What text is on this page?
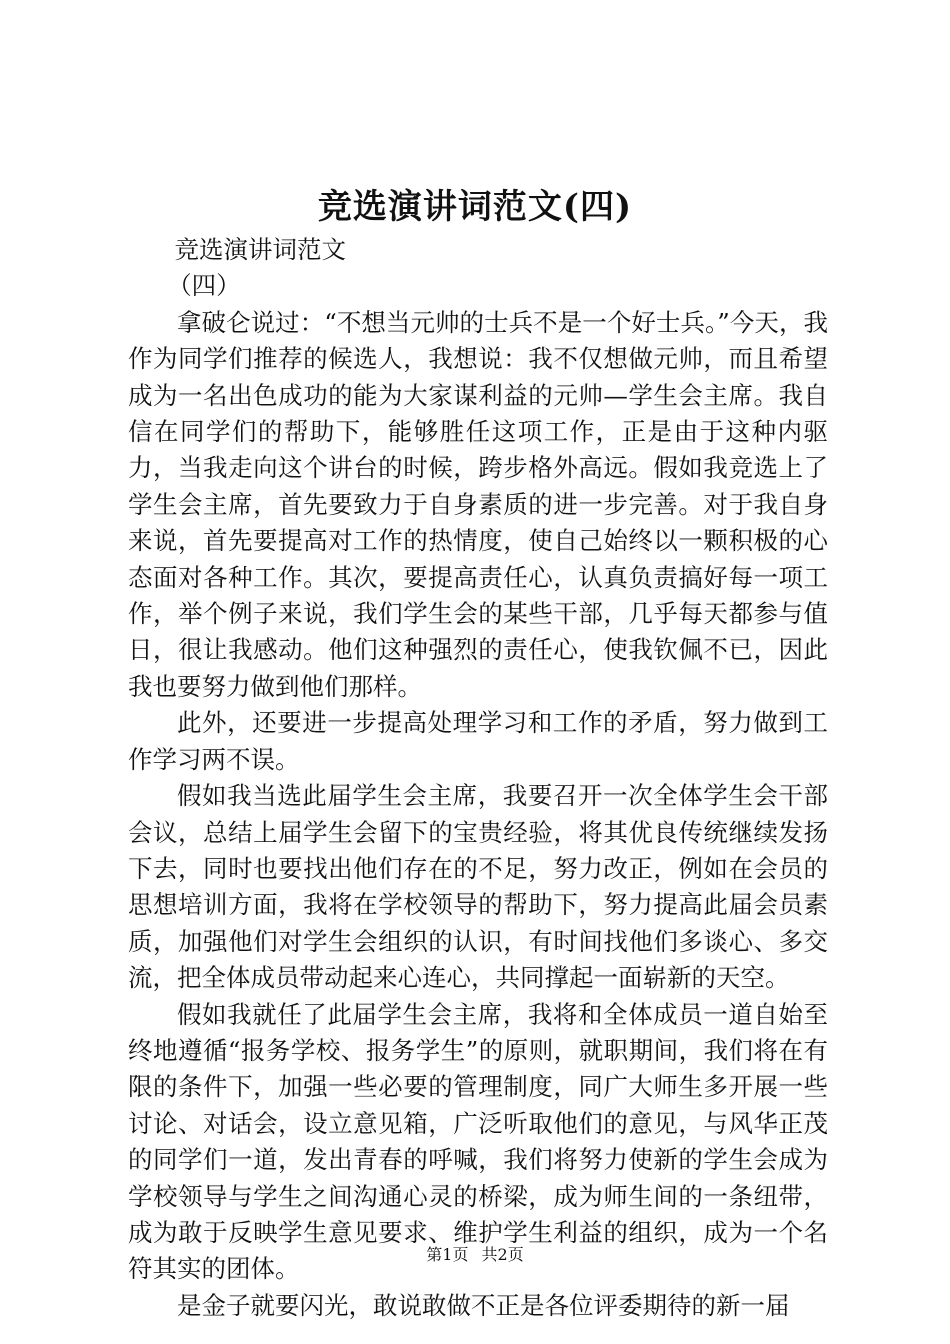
竞选演讲词范文(四)

竞选演讲词范文

（四）

拿破仑说过：“不想当元帅的士兵不是一个好士兵。”今天，我作为同学们推荐的候选人，我想说：我不仅想做元帅，而且希望成为一名出色成功的能为大家谋利益的元帅—学生会主席。我自信在同学们的帮助下，能够胜任这项工作，正是由于这种内驱力，当我走向这个讲台的时候，跨步格外高远。假如我竞选上了学生会主席，首先要致力于自身素质的进一步完善。对于我自身来说，首先要提高对工作的热情度，使自己始终以一颗积极的心态面对各种工作。其次，要提高责任心，认真负责搞好每一项工作，举个例子来说，我们学生会的某些干部，几乎每天都参与值日，很让我感动。他们这种强烈的责任心，使我钦佩不已，因此我也要努力做到他们那样。

此外，还要进一步提高处理学习和工作的矛盾，努力做到工作学习两不误。

假如我当选此届学生会主席，我要召开一次全体学生会干部会议，总结上届学生会留下的宝贵经验，将其优良传统继续发扬下去，同时也要找出他们存在的不足，努力改正，例如在会员的思想培训方面，我将在学校领导的帮助下，努力提高此届会员素质，加强他们对学生会组织的认识，有时间找他们多谈心、多交流，把全体成员带动起来心连心，共同撑起一面崭新的天空。

假如我就任了此届学生会主席，我将和全体成员一道自始至终地遵循“报务学校、报务学生”的原则，就职期间，我们将在有限的条件下，加强一些必要的管理制度，同广大师生多开展一些讨论、对话会，设立意见箱，广泛听取他们的意见，与风华正茂的同学们一道，发出青春的呼喊，我们将努力使新的学生会成为学校领导与学生之间沟通心灵的桥梁，成为师生间的一条纽带，成为敢于反映学生意见要求、维护学生利益的组织，成为一个名符其实的团体。

是金子就要闪光，敢说敢做不正是各位评委期待的新一届

第1页 共2页
